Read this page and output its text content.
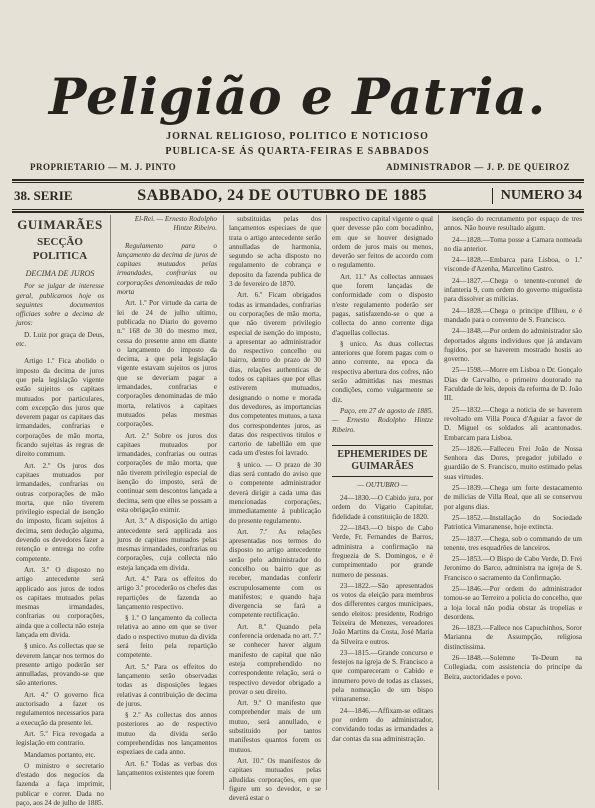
Peligião e Patria.
JORNAL RELIGIOSO, POLITICO E NOTICIOSO
PUBLICA-SE ÁS QUARTA-FEIRAS E SABBADOS
PROPRIETARIO — M. J. PINTO	ADMINISTRADOR — J. P. DE QUEIROZ
38. SERIE	SABBADO, 24 DE OUTUBRO DE 1885	NUMERO 34
GUIMARÃES
SECÇÃO POLITICA
DECIMA DE JUROS

Por se julgar de interesse geral, publicamos hoje os seguintes documentos officiaes sobre a decima de juros:

D. Luiz por graça de Deus, etc.

Artigo 1.º Fica abolido o imposto da decima de juros que pela legislação vigente estão sujeitos os capitaes mutuados por particulares, com excepção dos juros que deverem pagar os capitaes das irmandades, confrarias e corporações de mão morta, ficando sujeitas ás regras de direito commum.

Art. 2.º Os juros dos capitaes mutuados por irmandades, confrarias ou outras corporações de mão morta, que não tiverem privilegio especial de isenção do imposto, ficam sujeitos á decima, sem dedução alguma, devendo os devedores fazer a retenção e entrega no cofre competente.

Art. 3.º O disposto no artigo antecedente será applicado aos juros de todos os capitaes mutuados pelas mesmas irmandades, confrarias ou corporações, ainda que a collecta não esteja lançada em divida.

§ unico. As collectas que se deverem lançar nos termos do presente artigo poderão ser annulladas, provando-se que são anteriores.

Art. 4.º O governo fica auctorisado a fazer os regulamentos necessarios para a execução da presente lei.

Art. 5.º Fica revogada a legislação em contrario.

Mandamos portanto, etc.

O ministro e secretario d'estado dos negocios da fazenda a faça imprimir, publicar e correr. Dada no paço, aos 24 de julho de 1885.

El-Rei. — Ernesto Rodolpho Hintze Ribeiro.

Regulamento para o lançamento da decima de juros de capitaes mutuados pelas irmandades, confrarias ou corporações denominadas de mão morta

Art. 1.º Por virtude da carta de lei de 24 de julho ultimo, publicada no Diario do governo n.º 168 de 30 do mesmo mez, cessa do presente anno em diante o lançamento do imposto da decima, a que pela legislação vigente estavam sujeitos os juros que se deveriam pagar a irmandades, confrarias e corporações denominadas de mão morta, relativos a capitaes mutuados pelas mesmas corporações.

Art. 2.º Sobre os juros dos capitaes mutuados por irmandades, confrarias ou outras corporações de mão morta, que não tiverem privilegio especial de isenção do imposto, será de continuar sem descontos lançada a decima, sem que elles se possam a esta obrigação eximir.

Art. 3.º A disposição do artigo antecedente será applicada aos juros de capitaes mutuados pelas mesmas irmandades, confrarias ou corporações, cuja collecta não esteja lançada em divida.

Art. 4.º Para os effeitos do artigo 3.º procederão os chefes das repartições de fazenda ao lançamento respectivo.

§ 1.º O lançamento da collecta relativa ao anno em que se tiver dado o respectivo mutuo da divida será feito pela repartição competente.

Art. 5.º Para os effeitos do lançamento serão observadas todas as disposições legaes relativas á contribuição de decima de juros.

§ 2.º As collectas dos annos posteriores ao de respectivo mutuo da divida serão comprehendidas nos lançamentos espeziaes de cada anno.

Art. 6.º Todas as verbas dos lançamentos existentes que forem

substituidas pelas dos lançamentos especiaes de que trata o artigo antecedente serão annulladas de harmonia, segundo se acha disposto no regulamento de cobrança e deposito da fazenda publica de 3 de fevereiro de 1870.

Art. 6.º Ficam obrigados todas as irmandades, confrarias ou corporações de mão morta, que não tiverem privilegio especial de isenção do imposto, a apresentar ao administrador do respectivo concelho ou bairro, dentro do prazo de 30 dias, relações authenticas de todos os capitaes que por ellas estiverem mutuados, designando o nome e morada dos devedores, as importancias dos competentes mutuos, a taxa dos correspondentes juros, as datas dos respectivos titulos e cartorio de tabellião em que cada um d'estes foi lavrado.

§ unico. — O prazo de 30 dias será contado do aviso que o competente administrador deverá dirigir a cada uma das mencionadas corporações, immediatamente á publicação do presente regulamento.

Art. 7.º As relações apresentadas nos termos do disposto no artigo antecedente serão pelo administrador do concelho ou bairro que as receber, mandadas conferir escrupulosamente com os manifestos; e quando haja divergencia se fará a competente rectificação.

Art. 8.º Quando pela conferencia ordenada no art. 7.º se conhecer haver algum manifesto de capital que não esteja comprehendido no correspondente relação, será o respectivo devedor obrigado a provar o seu direito.

Art. 9.º O manifesto que comprehender mais de um mutuo, será annullado, e substituido por tantos manifestos quantos forem os mutuos.

Art. 10.º Os manifestos de capitaes mutuados pelas alludidas corporações, em que figure um so devedor, e se deverá estar o

respectivo capital vigente o qual quer devesse pão com bocadinho, em que se houver designado ordem de juros mais ou menos, deverão ser feitos de accordo com o regulamento.

Art. 11.º As collectas annuaes que forem lançadas de conformidade com o disposto n'este regulamento poderão ser pagas, satisfazendo-se o que a collecta do anno corrente diga d'aquellas collectas.

§ unico. As duas collectas anteriores que forem pagas com o anno corrente, na epoca da respectiva abertura dos cofres, não serão admittidas nas mesmas condições, como vulgarmente se diz.

Paço, em 27 de agosto de 1885. — Ernesto Rodolpho Hintze Ribeiro.

EPHEMERIDES DE GUIMARÃES
— OUTUBRO —

24—1830.—O Cabido jura, por ordem do Vigario Capitular, fidelidade á constituição de 1820.

22—1843.—O bispo de Cabo Verde, Fr. Fernandes de Barros, administra a confirmação na freguezia de S. Domingos, e é cumprimentado por grande numero de pessoas.

23—1822.—São apresentados os votos da eleição para membros dos differentes cargos municipaes, sendo eleitos: presidente, Rodrigo Teixeira de Menezes, vereadores João Martins da Costa, José Maria da Silveira e outros.

23—1815.—Grande concurso e festejos na igreja de S. Francisco a que compareceram o Cabido e innumero povo de todas as classes, pela nomeação de um bispo vimaranense.

24—1846.—Affixam-se editaes por ordem do administrador, convidando todas as irmandades a dar contas da sua administração.

isenção do recrutamento por espaço de tres annos. Não houve resultado algum.

24—1828.—Toma posse a Camara nomeada no dia anterior.

24—1828.—Embarca para Lisboa, o 1.º visconde d'Azenha, Marcelino Castro.

24—1827.—Chega o tenente-coronel de infanteria 9, com ordem do governo miguelista para dissolver as milicias.

24—1828.—Chega o principe d'Ilheu, e é mandado para o convento de S. Francisco.

24—1848.—Por ordem do administrador são deportados alguns individuos que já andavam fugidos, por se haverem mostrado hostis ao governo.

25—1598.—Morre em Lisboa o Dr. Gonçalo Dias de Carvalho, o primeiro doutorado na Faculdade de leis, depois da reforma de D. João III.

25—1832.—Chega a noticia de se haverem revoltado em Villa Pouca d'Aguiar a favor de D. Miguel os soldados ali acantonados. Embarcam para Lisboa.

25—1826.—Falleceu Frei João de Nossa Senhora das Dores, pregador jubilado e guardião de S. Francisco, muito estimado pelas suas virtudes.

25—1839.—Chega um forte destacamento de milicias de Villa Real, que ali se conservou por alguns dias.

25—1852.—Installação do Sociedade Patriotica Vimaranense, hoje extincta.

25—1837.—Chega, sob o commando de um tenente, tres esquadrões de lanceiros.

25—1853.—O Bispo de Cabo Verde, D. Frei Jeronimo do Barco, administra na igreja de S. Francisco o sacramento da Confirmação.

25—1846.—Por ordem do administrador tomou-se ao Terreiro a policia do concelho, que a loja local não podia obstar ás tropelias e desordens.

26—1823.—Fallece nos Capuchinhos, Soror Marianna de Assumpção, religiosa distinctissima.

26—1848.—Solemne Te-Deum na Collegiada, com assistencia do principe da Beira, auctoridades e povo.
